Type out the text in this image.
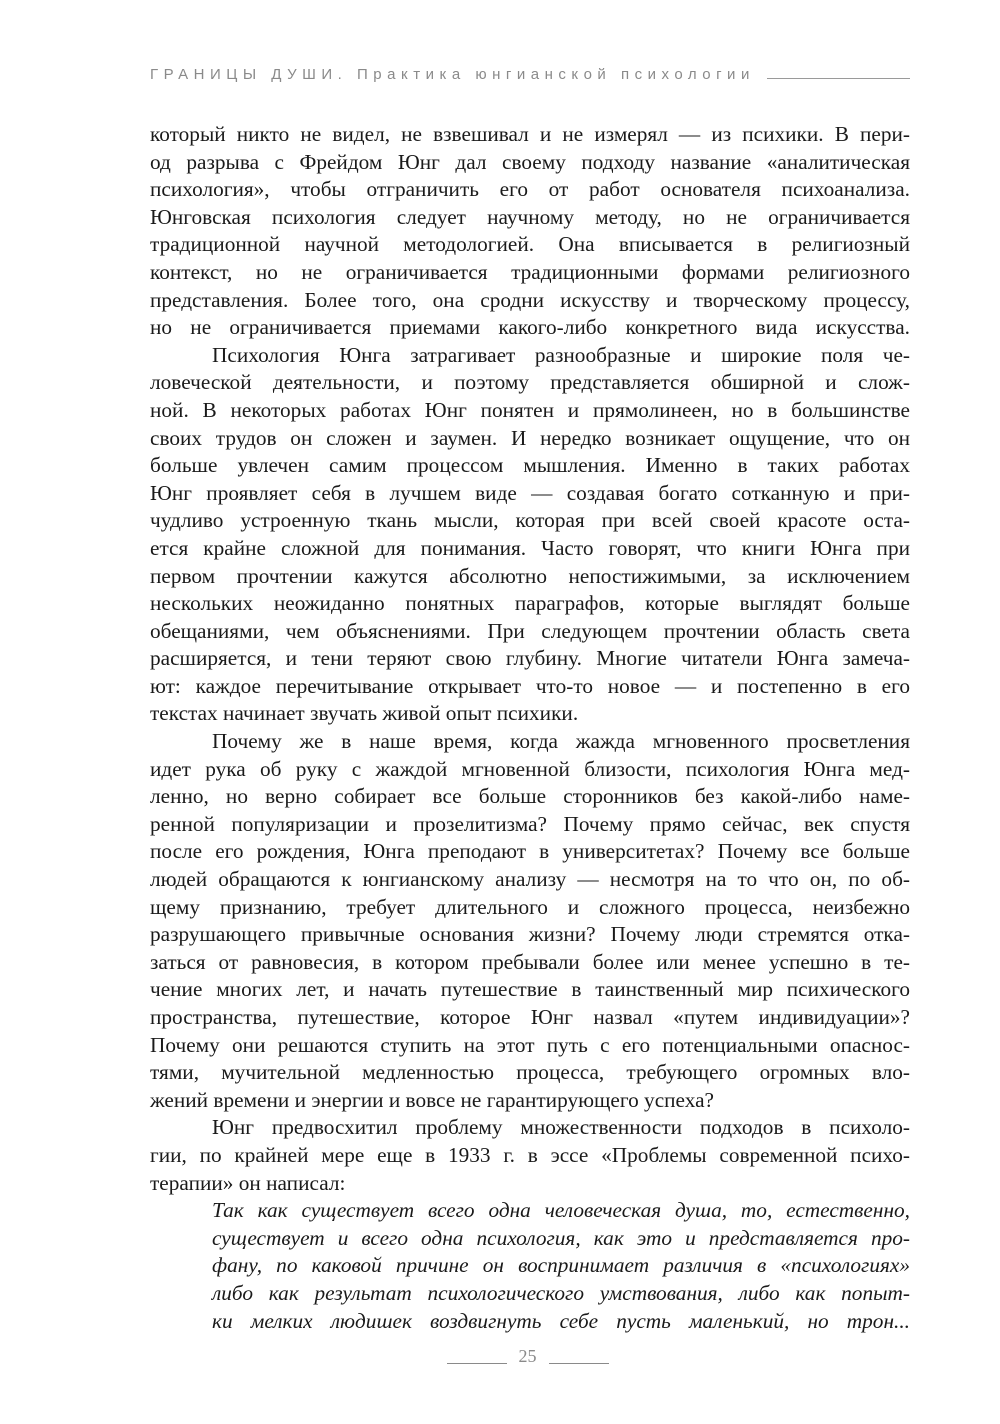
ГРАНИЦЫ ДУШИ. Практика юнгианской психологии
который никто не видел, не взвешивал и не измерял — из психики. В пери-
од разрыва с Фрейдом Юнг дал своему подходу название «аналитическая
психология», чтобы отграничить его от работ основателя психоанализа.
Юнговская психология следует научному методу, но не ограничивается
традиционной научной методологией. Она вписывается в религиозный
контекст, но не ограничивается традиционными формами религиозного
представления. Более того, она сродни искусству и творческому процессу,
но не ограничивается приемами какого-либо конкретного вида искусства.
Психология Юнга затрагивает разнообразные и широкие поля че-
ловеческой деятельности, и поэтому представляется обширной и слож-
ной. В некоторых работах Юнг понятен и прямолинеен, но в большинстве
своих трудов он сложен и заумен. И нередко возникает ощущение, что он
больше увлечен самим процессом мышления. Именно в таких работах
Юнг проявляет себя в лучшем виде — создавая богато сотканную и при-
чудливо устроенную ткань мысли, которая при всей своей красоте оста-
ется крайне сложной для понимания. Часто говорят, что книги Юнга при
первом прочтении кажутся абсолютно непостижимыми, за исключением
нескольких неожиданно понятных параграфов, которые выглядят больше
обещаниями, чем объяснениями. При следующем прочтении область света
расширяется, и тени теряют свою глубину. Многие читатели Юнга замеча-
ют: каждое перечитывание открывает что-то новое — и постепенно в его
текстах начинает звучать живой опыт психики.
Почему же в наше время, когда жажда мгновенного просветления
идет рука об руку с жаждой мгновенной близости, психология Юнга мед-
ленно, но верно собирает все больше сторонников без какой-либо наме-
ренной популяризации и прозелитизма? Почему прямо сейчас, век спустя
после его рождения, Юнга преподают в университетах? Почему все больше
людей обращаются к юнгианскому анализу — несмотря на то что он, по об-
щему признанию, требует длительного и сложного процесса, неизбежно
разрушающего привычные основания жизни? Почему люди стремятся отка-
заться от равновесия, в котором пребывали более или менее успешно в те-
чение многих лет, и начать путешествие в таинственный мир психического
пространства, путешествие, которое Юнг назвал «путем индивидуации»?
Почему они решаются ступить на этот путь с его потенциальными опаснос-
тями, мучительной медленностью процесса, требующего огромных вло-
жений времени и энергии и вовсе не гарантирующего успеха?
Юнг предвосхитил проблему множественности подходов в психоло-
гии, по крайней мере еще в 1933 г. в эссе «Проблемы современной психо-
терапии» он написал:
Так как существует всего одна человеческая душа, то, естественно,
существует и всего одна психология, как это и представляется про-
фану, по каковой причине он воспринимает различия в «психологиях»
либо как результат психологического умствования, либо как попыт-
ки мелких людишек воздвигнуть себе пусть маленький, но трон...
25
